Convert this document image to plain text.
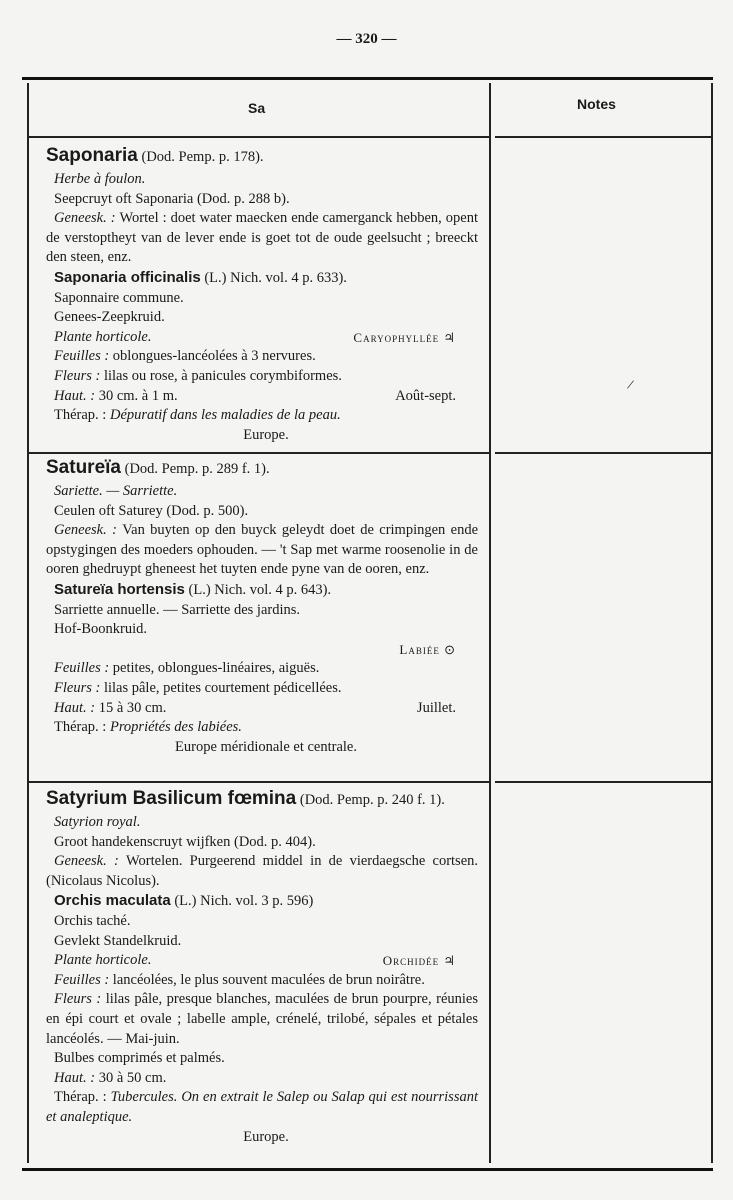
— 320 —
Sa	Notes
/
Saponaria (Dod. Pemp. p. 178).
Herbe à foulon.
Seepcruyt oft Saponaria (Dod. p. 288 b).
Geneesk. : Wortel : doet water maecken ende camerganck hebben, opent de verstoptheyt van de lever ende is goet tot de oude geelsucht ; breeckt den steen, enz.
Saponaria officinalis (L.) Nich. vol. 4 p. 633).
Saponnaire commune.
Genees-Zeepkruid.
Plante horticole.	Caryophyllée ♃
Feuilles : oblongues-lancéolées à 3 nervures.
Fleurs : lilas ou rose, à panicules corymbiformes.
Haut. : 30 cm. à 1 m.	Août-sept.
Thérap. : Dépuratif dans les maladies de la peau.
Europe.
Satureïa (Dod. Pemp. p. 289 f. 1).
Sariette. — Sarriette.
Ceulen oft Saturey (Dod. p. 500).
Geneesk. : Van buyten op den buyck geleydt doet de crimpingen ende opstygingen des moeders ophouden. — 't Sap met warme roosenolie in de ooren ghedruypt gheneest het tuyten ende pyne van de ooren, enz.
Satureïa hortensis (L.) Nich. vol. 4 p. 643).
Sarriette annuelle. — Sarriette des jardins.
Hof-Boonkruid.
Labiée ⊙
Feuilles : petites, oblongues-linéaires, aiguës.
Fleurs : lilas pâle, petites courtement pédicellées.
Haut. : 15 à 30 cm.	Juillet.
Thérap. : Propriétés des labiées.
Europe méridionale et centrale.
Satyrium Basilicum fœmina (Dod. Pemp. p. 240 f. 1).
Satyrion royal.
Groot handekenscruyt wijfken (Dod. p. 404).
Geneesk. : Wortelen. Purgeerend middel in de vierdaegsche cortsen. (Nicolaus Nicolus).
Orchis maculata (L.) Nich. vol. 3 p. 596)
Orchis taché.
Gevlekt Standelkruid.
Plante horticole.	Orchidée ♃
Feuilles : lancéolées, le plus souvent maculées de brun noirâtre.
Fleurs : lilas pâle, presque blanches, maculées de brun pourpre, réunies en épi court et ovale ; labelle ample, crénelé, trilobé, sépales et pétales lancéolés. — Mai-juin.
Bulbes comprimés et palmés.
Haut. : 30 à 50 cm.
Thérap. : Tubercules. On en extrait le Salep ou Salap qui est nourrissant et analeptique.
Europe.
